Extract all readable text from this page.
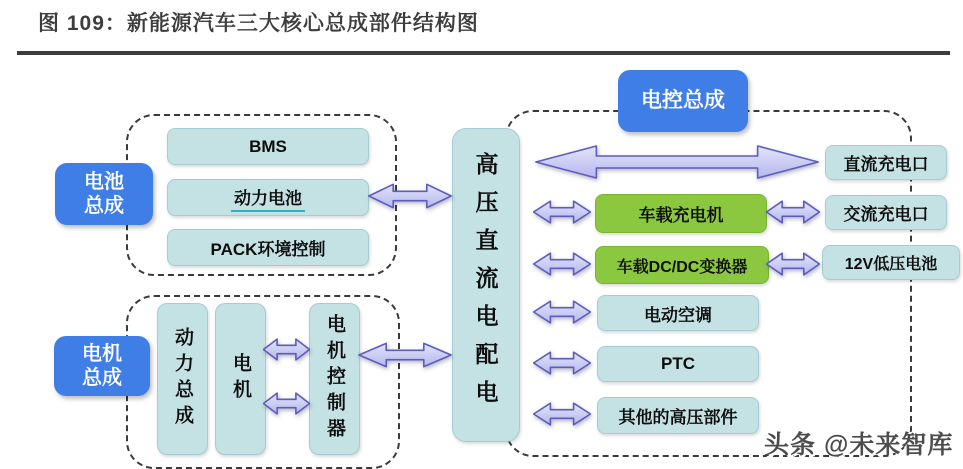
图 109：新能源汽车三大核心总成部件结构图
电池
总成
BMS
动力电池
PACK环境控制
电机
总成	动力总成	电机	电机控制器	高压直流电配电
电控总成
车载充电机
车载DC/DC变换器
电动空调
PTC
其他的高压部件
直流充电口
交流充电口
12V低压电池
头条 @未来智库
